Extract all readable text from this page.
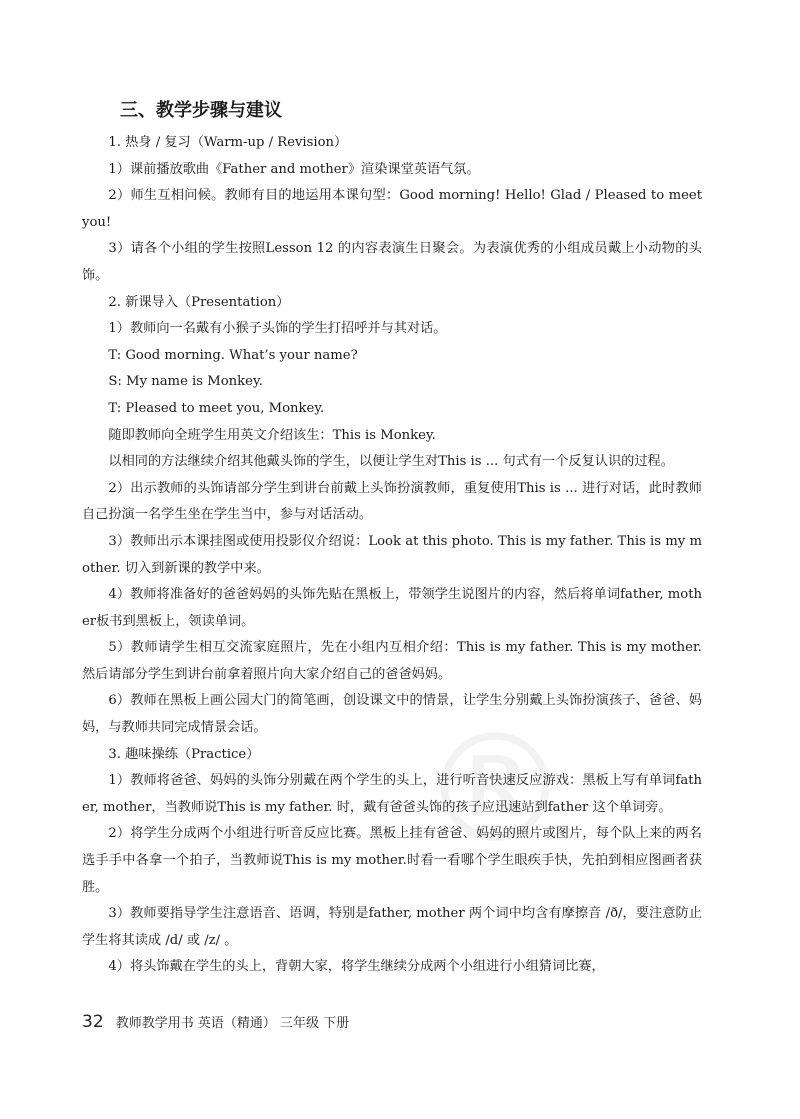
三、教学步骤与建议

1. 热身 / 复习（Warm-up / Revision）

1）课前播放歌曲《Father and mother》渲染课堂英语气氛。

2）师生互相问候。教师有目的地运用本课句型：Good morning! Hello! Glad / Pleased to meet you!

3）请各个小组的学生按照Lesson 12 的内容表演生日聚会。为表演优秀的小组成员戴上小动物的头饰。

2. 新课导入（Presentation）

1）教师向一名戴有小猴子头饰的学生打招呼并与其对话。

T: Good morning. What’s your name?

S: My name is Monkey.

T: Pleased to meet you, Monkey.

随即教师向全班学生用英文介绍该生：This is Monkey.

以相同的方法继续介绍其他戴头饰的学生，以便让学生对This is ... 句式有一个反复认识的过程。

2）出示教师的头饰请部分学生到讲台前戴上头饰扮演教师，重复使用This is ... 进行对话，此时教师自己扮演一名学生坐在学生当中，参与对话活动。

3）教师出示本课挂图或使用投影仪介绍说：Look at this photo. This is my father. This is my mother. 切入到新课的教学中来。

4）教师将准备好的爸爸妈妈的头饰先贴在黑板上，带领学生说图片的内容，然后将单词father, mother板书到黑板上，领读单词。

5）教师请学生相互交流家庭照片，先在小组内互相介绍：This is my father. This is my mother. 然后请部分学生到讲台前拿着照片向大家介绍自己的爸爸妈妈。

6）教师在黑板上画公园大门的简笔画，创设课文中的情景，让学生分别戴上头饰扮演孩子、爸爸、妈妈，与教师共同完成情景会话。

3. 趣味操练（Practice）

1）教师将爸爸、妈妈的头饰分别戴在两个学生的头上，进行听音快速反应游戏：黑板上写有单词father, mother，当教师说This is my father. 时，戴有爸爸头饰的孩子应迅速站到father 这个单词旁。

2）将学生分成两个小组进行听音反应比赛。黑板上挂有爸爸、妈妈的照片或图片，每个队上来的两名选手手中各拿一个拍子，当教师说This is my mother.时看一看哪个学生眼疾手快，先拍到相应图画者获胜。

3）教师要指导学生注意语音、语调，特别是father, mother 两个词中均含有摩擦音 /ð/，要注意防止学生将其读成 /d/ 或 /z/ 。

4）将头饰戴在学生的头上，背朝大家，将学生继续分成两个小组进行小组猜词比赛，

®
32 教师教学用书 英语（精通） 三年级 下册
